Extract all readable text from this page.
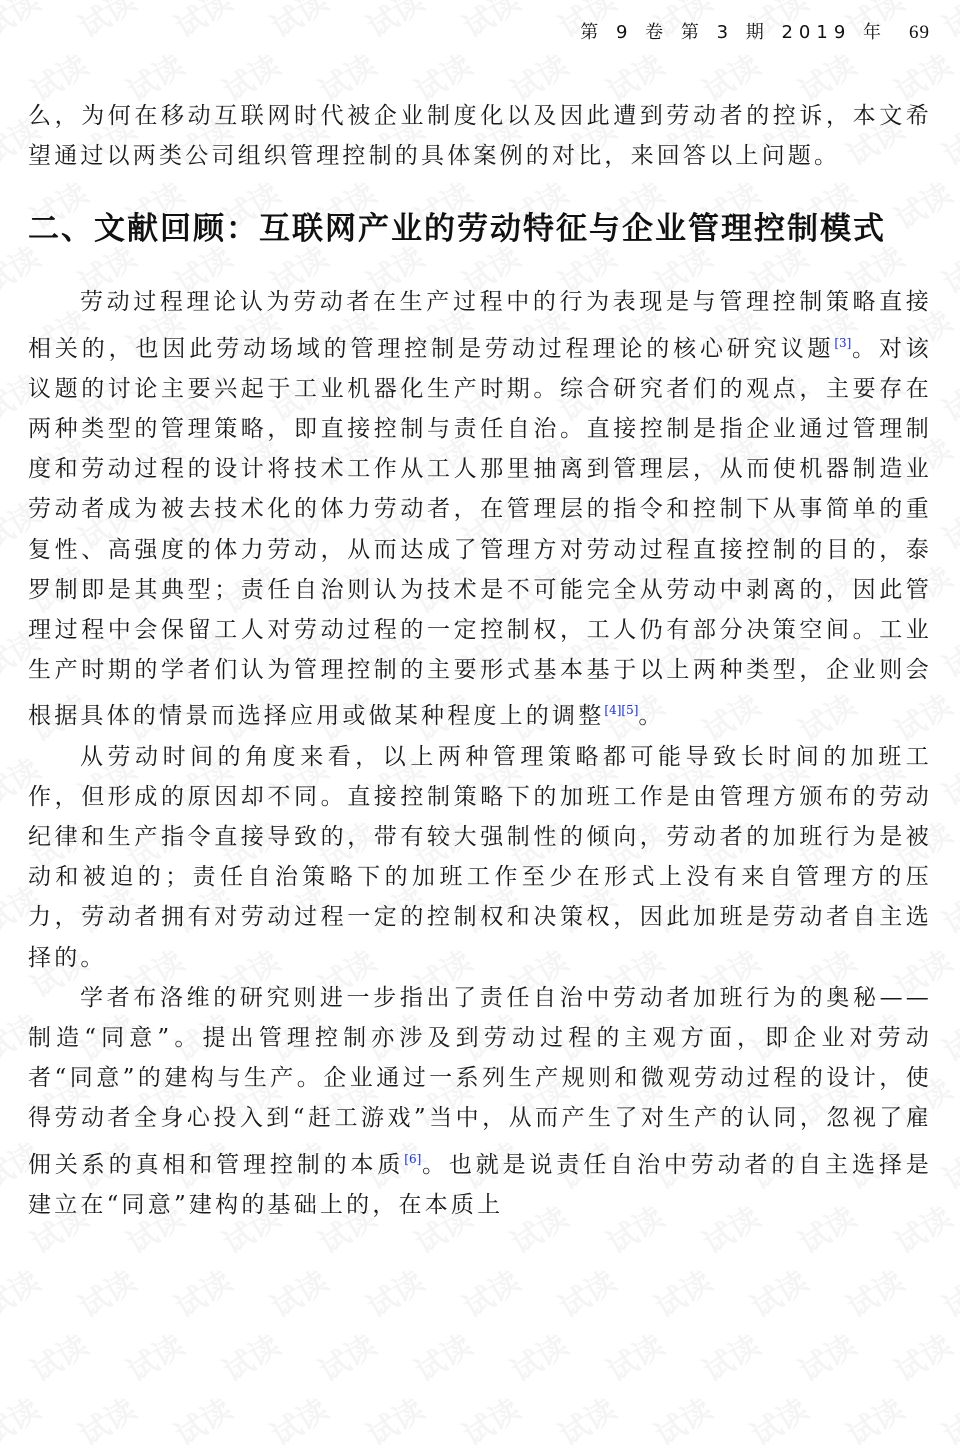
第 9 卷 第 3 期 2019 年 69

么，为何在移动互联网时代被企业制度化以及因此遭到劳动者的控诉，本文希望通过以两类公司组织管理控制的具体案例的对比，来回答以上问题。

二、文献回顾：互联网产业的劳动特征与企业管理控制模式

劳动过程理论认为劳动者在生产过程中的行为表现是与管理控制策略直接相关的，也因此劳动场域的管理控制是劳动过程理论的核心研究议题[3]。对该议题的讨论主要兴起于工业机器化生产时期。综合研究者们的观点，主要存在两种类型的管理策略，即直接控制与责任自治。直接控制是指企业通过管理制度和劳动过程的设计将技术工作从工人那里抽离到管理层，从而使机器制造业劳动者成为被去技术化的体力劳动者，在管理层的指令和控制下从事简单的重复性、高强度的体力劳动，从而达成了管理方对劳动过程直接控制的目的，泰罗制即是其典型；责任自治则认为技术是不可能完全从劳动中剥离的，因此管理过程中会保留工人对劳动过程的一定控制权，工人仍有部分决策空间。工业生产时期的学者们认为管理控制的主要形式基本基于以上两种类型，企业则会根据具体的情景而选择应用或做某种程度上的调整[4][5]。

从劳动时间的角度来看，以上两种管理策略都可能导致长时间的加班工作，但形成的原因却不同。直接控制策略下的加班工作是由管理方颁布的劳动纪律和生产指令直接导致的，带有较大强制性的倾向，劳动者的加班行为是被动和被迫的；责任自治策略下的加班工作至少在形式上没有来自管理方的压力，劳动者拥有对劳动过程一定的控制权和决策权，因此加班是劳动者自主选择的。

学者布洛维的研究则进一步指出了责任自治中劳动者加班行为的奥秘——制造“同意”。提出管理控制亦涉及到劳动过程的主观方面，即企业对劳动者“同意”的建构与生产。企业通过一系列生产规则和微观劳动过程的设计，使得劳动者全身心投入到“赶工游戏”当中，从而产生了对生产的认同，忽视了雇佣关系的真相和管理控制的本质[6]。也就是说责任自治中劳动者的自主选择是建立在“同意”建构的基础上的，在本质上
